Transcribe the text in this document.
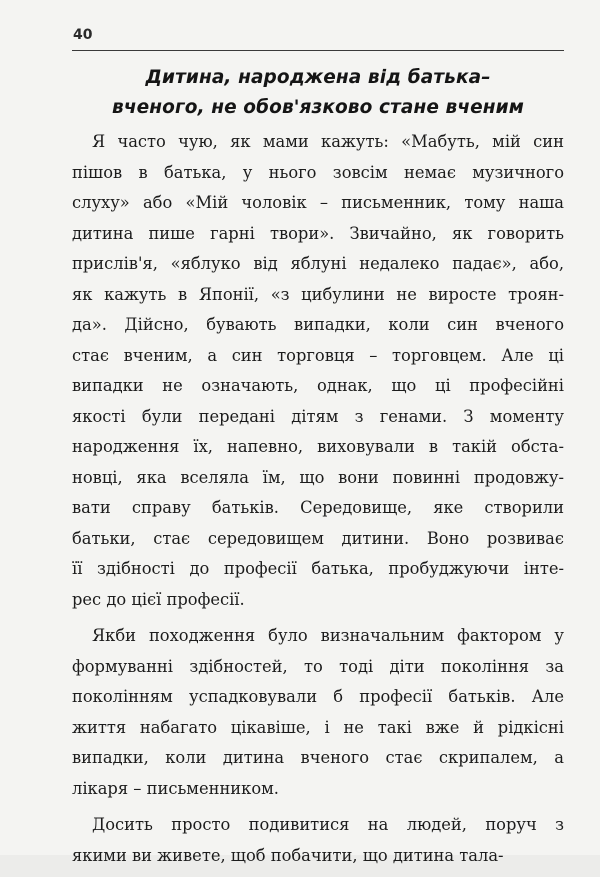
40
Дитина, народжена від батька–
вченого, не обов'язково стане вченим
Я часто чую, як мами кажуть: «Мабуть, мій син
пішов в батька, у нього зовсім немає музичного
слуху» або «Мій чоловік – письменник, тому наша
дитина пише гарні твори». Звичайно, як говорить
прислів'я, «яблуко від яблуні недалеко падає», або,
як кажуть в Японії, «з цибулини не виросте троян-
да». Дійсно, бувають випадки, коли син вченого
стає вченим, а син торговця – торговцем. Але ці
випадки не означають, однак, що ці професійні
якості були передані дітям з генами. З моменту
народження їх, напевно, виховували в такій обста-
новці, яка вселяла їм, що вони повинні продовжу-
вати справу батьків. Середовище, яке створили
батьки, стає середовищем дитини. Воно розвиває
її здібності до професії батька, пробуджуючи інте-
рес до цієї професії.
Якби походження було визначальним фактором у
формуванні здібностей, то тоді діти покоління за
поколінням успадковували б професії батьків. Але
життя набагато цікавіше, і не такі вже й рідкісні
випадки, коли дитина вченого стає скрипалем, а
лікаря – письменником.
Досить просто подивитися на людей, поруч з
якими ви живете, щоб побачити, що дитина тала-
